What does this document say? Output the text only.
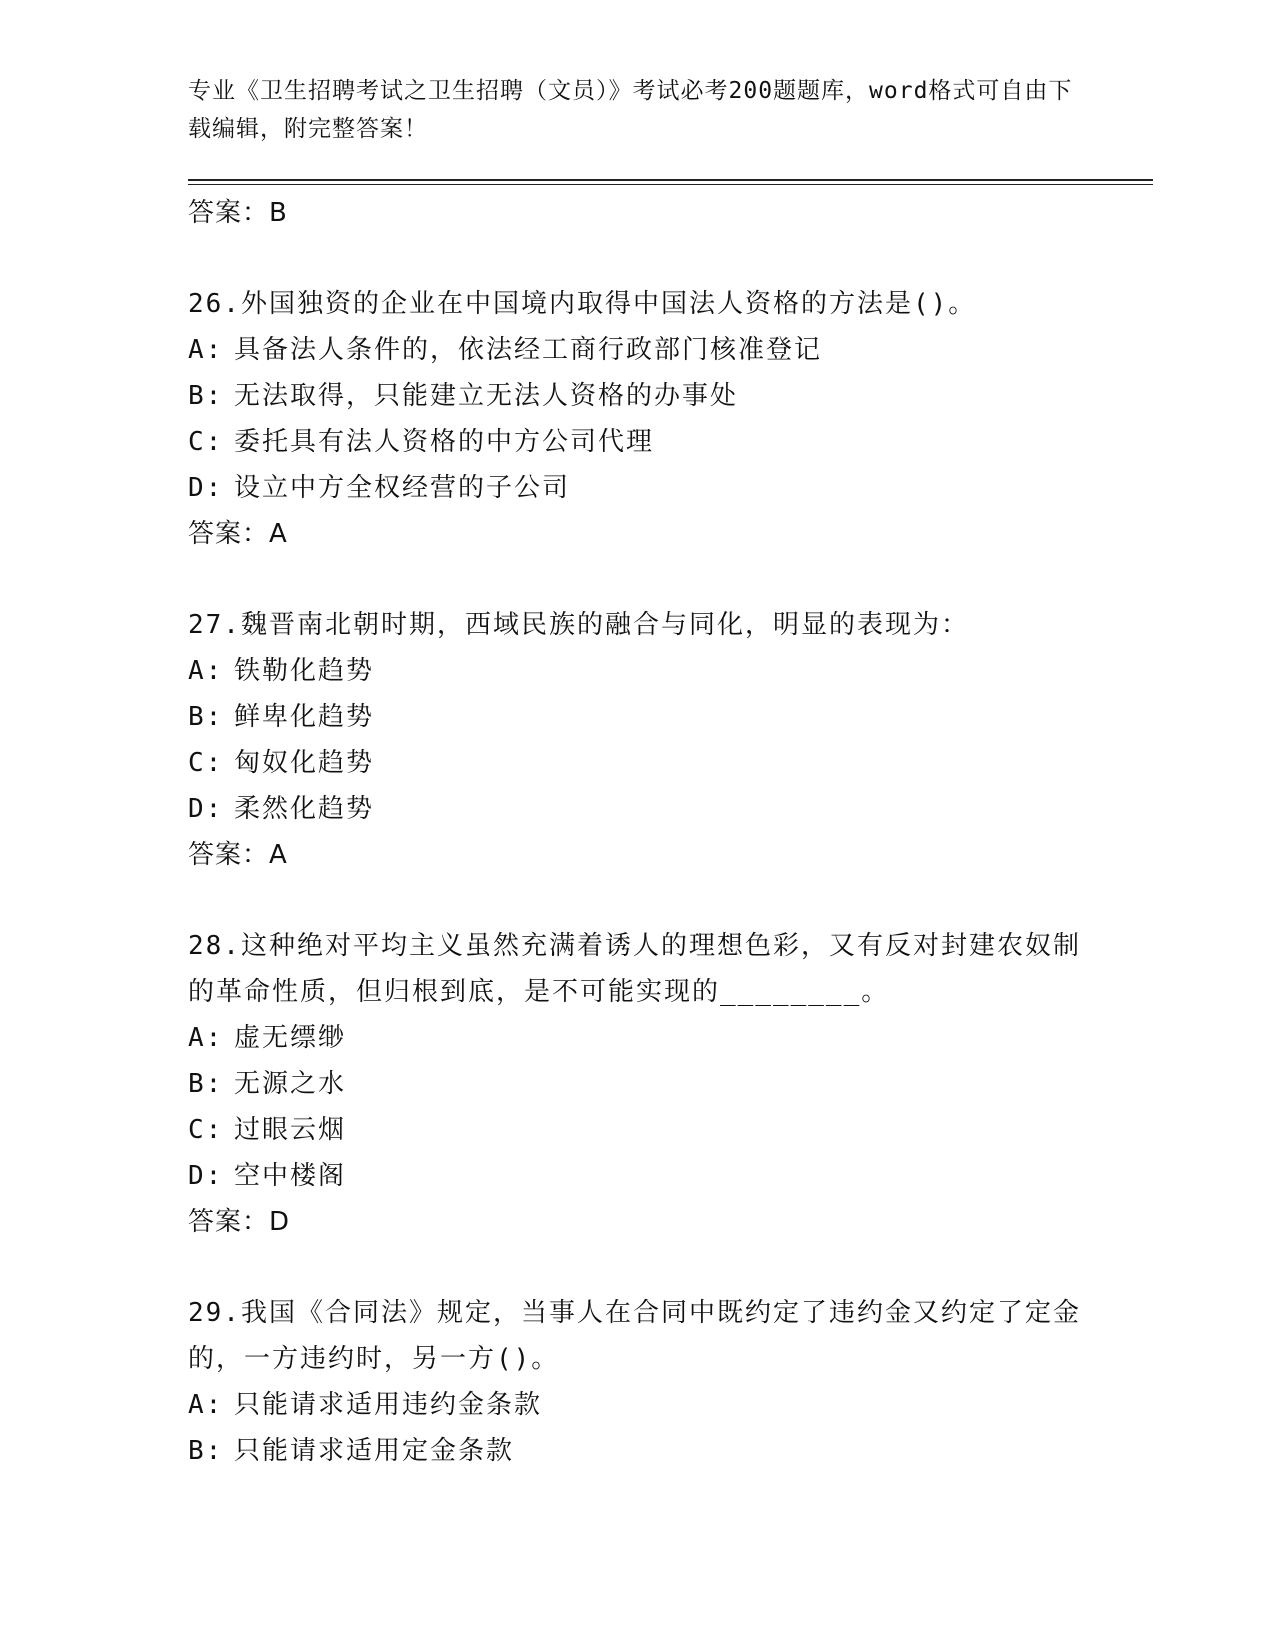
专业《卫生招聘考试之卫生招聘（文员）》考试必考200题题库，word格式可自由下载编辑，附完整答案！
答案：B
26.外国独资的企业在中国境内取得中国法人资格的方法是()。
A: 具备法人条件的，依法经工商行政部门核准登记
B: 无法取得，只能建立无法人资格的办事处
C: 委托具有法人资格的中方公司代理
D: 设立中方全权经营的子公司
答案：A
27.魏晋南北朝时期，西域民族的融合与同化，明显的表现为：
A: 铁勒化趋势
B: 鲜卑化趋势
C: 匈奴化趋势
D: 柔然化趋势
答案：A
28.这种绝对平均主义虽然充满着诱人的理想色彩，又有反对封建农奴制的革命性质，但归根到底，是不可能实现的________。
A: 虚无缥缈
B: 无源之水
C: 过眼云烟
D: 空中楼阁
答案：D
29.我国《合同法》规定，当事人在合同中既约定了违约金又约定了定金的，一方违约时，另一方()。
A: 只能请求适用违约金条款
B: 只能请求适用定金条款
